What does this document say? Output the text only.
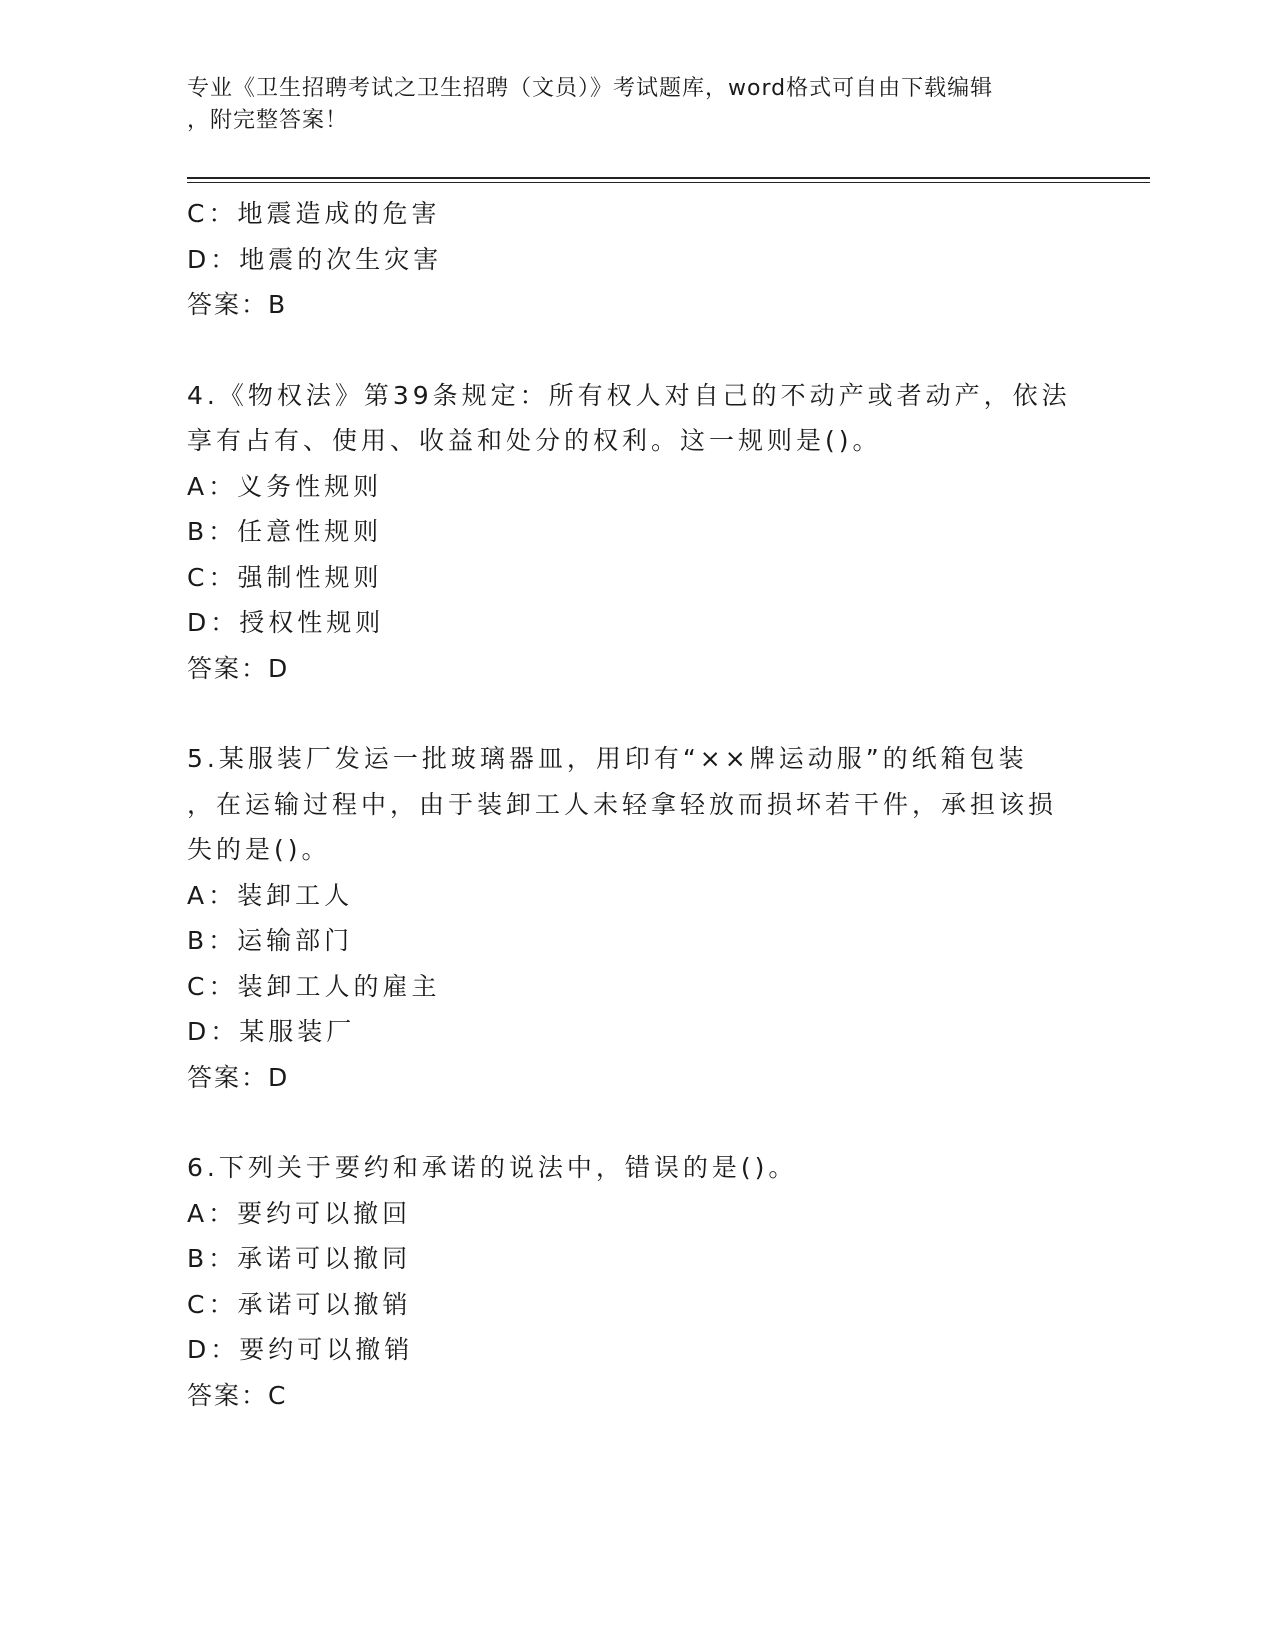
专业《卫生招聘考试之卫生招聘（文员）》考试题库，word格式可自由下载编辑
，附完整答案！
C：地震造成的危害
D：地震的次生灾害
答案：B
4.《物权法》第39条规定：所有权人对自己的不动产或者动产，依法
享有占有、使用、收益和处分的权利。这一规则是()。
A：义务性规则
B：任意性规则
C：强制性规则
D：授权性规则
答案：D
5.某服装厂发运一批玻璃器皿，用印有“××牌运动服”的纸箱包装
，在运输过程中，由于装卸工人未轻拿轻放而损坏若干件，承担该损
失的是()。
A：装卸工人
B：运输部门
C：装卸工人的雇主
D：某服装厂
答案：D
6.下列关于要约和承诺的说法中，错误的是()。
A：要约可以撤回
B：承诺可以撤同
C：承诺可以撤销
D：要约可以撤销
答案：C
